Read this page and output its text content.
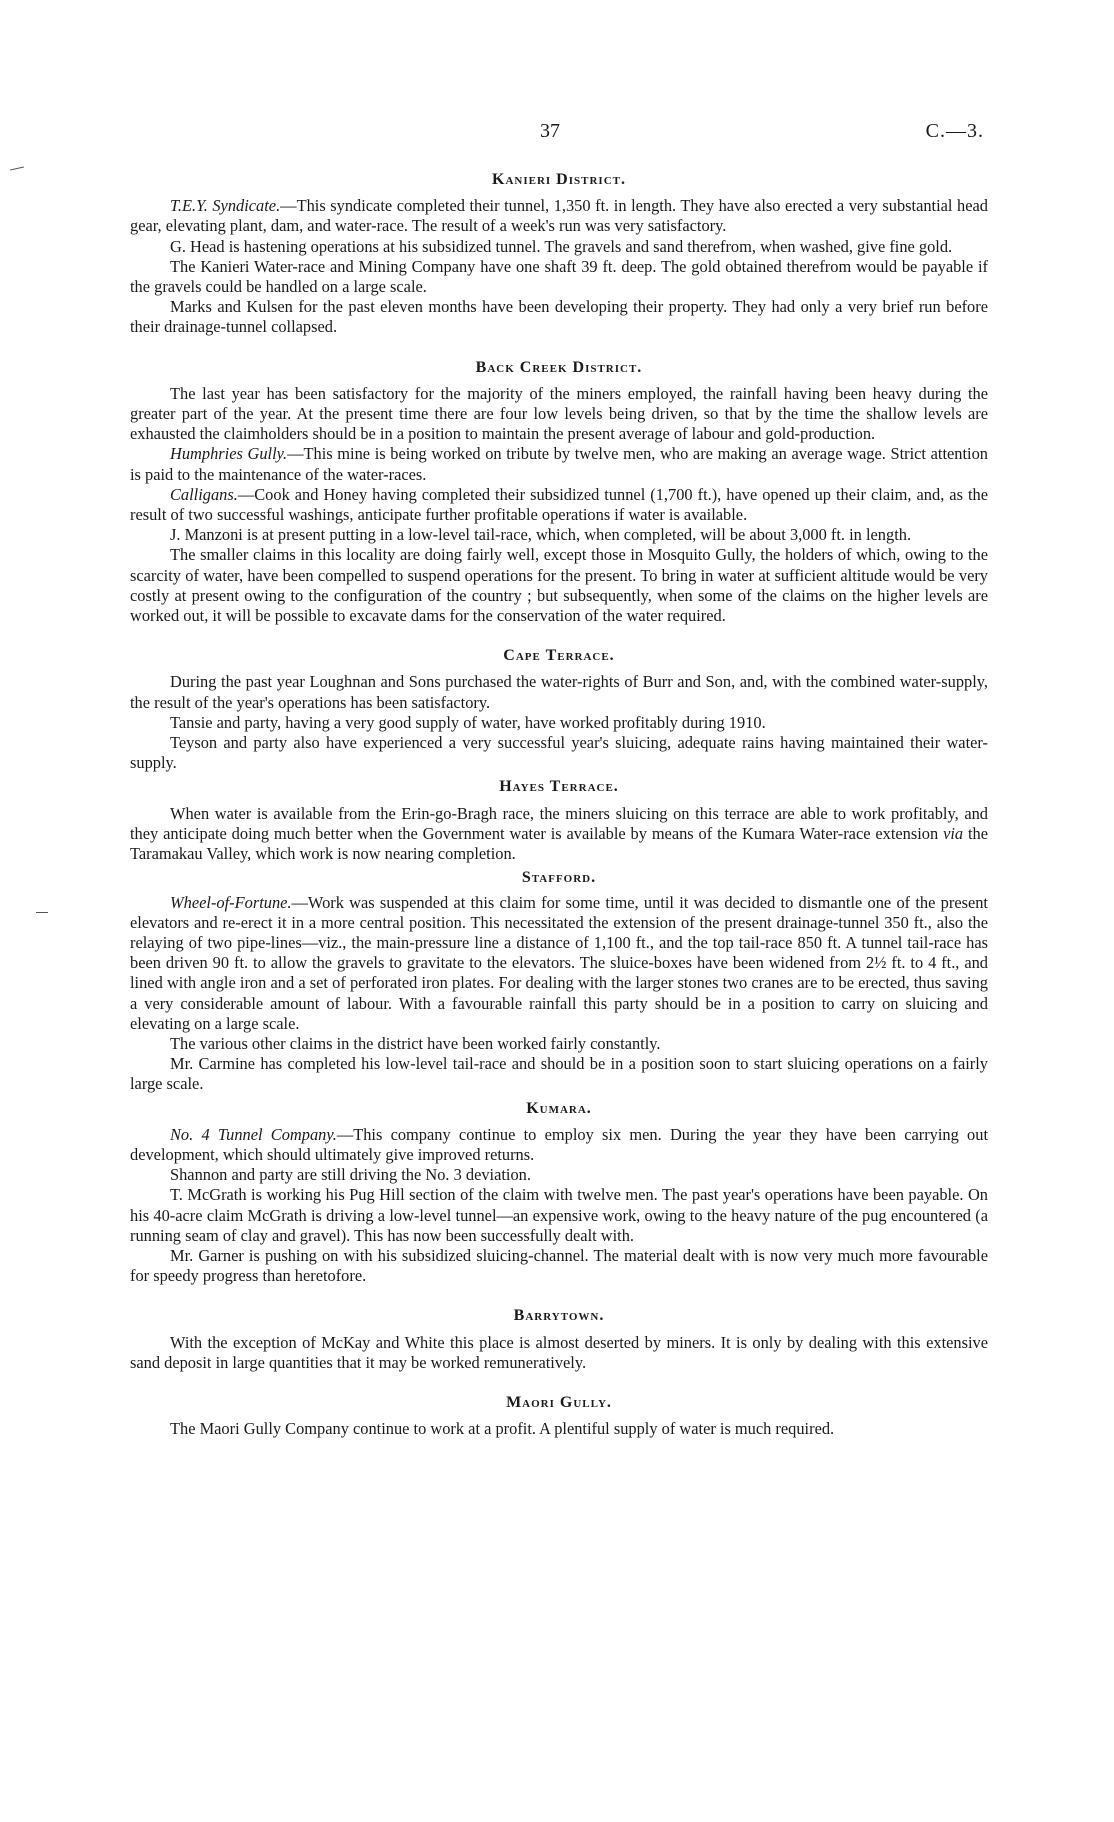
37	C.—3.
Kanieri District.

T.E.Y. Syndicate.—This syndicate completed their tunnel, 1,350 ft. in length. They have also erected a very substantial head gear, elevating plant, dam, and water-race. The result of a week's run was very satisfactory.

G. Head is hastening operations at his subsidized tunnel. The gravels and sand therefrom, when washed, give fine gold.

The Kanieri Water-race and Mining Company have one shaft 39 ft. deep. The gold obtained therefrom would be payable if the gravels could be handled on a large scale.

Marks and Kulsen for the past eleven months have been developing their property. They had only a very brief run before their drainage-tunnel collapsed.

Back Creek District.

The last year has been satisfactory for the majority of the miners employed, the rainfall having been heavy during the greater part of the year. At the present time there are four low levels being driven, so that by the time the shallow levels are exhausted the claimholders should be in a position to maintain the present average of labour and gold-production.

Humphries Gully.—This mine is being worked on tribute by twelve men, who are making an average wage. Strict attention is paid to the maintenance of the water-races.

Calligans.—Cook and Honey having completed their subsidized tunnel (1,700 ft.), have opened up their claim, and, as the result of two successful washings, anticipate further profitable operations if water is available.

J. Manzoni is at present putting in a low-level tail-race, which, when completed, will be about 3,000 ft. in length.

The smaller claims in this locality are doing fairly well, except those in Mosquito Gully, the holders of which, owing to the scarcity of water, have been compelled to suspend operations for the present. To bring in water at sufficient altitude would be very costly at present owing to the configuration of the country ; but subsequently, when some of the claims on the higher levels are worked out, it will be possible to excavate dams for the conservation of the water required.

Cape Terrace.

During the past year Loughnan and Sons purchased the water-rights of Burr and Son, and, with the combined water-supply, the result of the year's operations has been satisfactory.

Tansie and party, having a very good supply of water, have worked profitably during 1910.

Teyson and party also have experienced a very successful year's sluicing, adequate rains having maintained their water-supply.

Hayes Terrace.

When water is available from the Erin-go-Bragh race, the miners sluicing on this terrace are able to work profitably, and they anticipate doing much better when the Government water is available by means of the Kumara Water-race extension via the Taramakau Valley, which work is now nearing completion.

Stafford.

Wheel-of-Fortune.—Work was suspended at this claim for some time, until it was decided to dismantle one of the present elevators and re-erect it in a more central position. This necessitated the extension of the present drainage-tunnel 350 ft., also the relaying of two pipe-lines—viz., the main-pressure line a distance of 1,100 ft., and the top tail-race 850 ft. A tunnel tail-race has been driven 90 ft. to allow the gravels to gravitate to the elevators. The sluice-boxes have been widened from 2½ ft. to 4 ft., and lined with angle iron and a set of perforated iron plates. For dealing with the larger stones two cranes are to be erected, thus saving a very considerable amount of labour. With a favourable rainfall this party should be in a position to carry on sluicing and elevating on a large scale.

The various other claims in the district have been worked fairly constantly.

Mr. Carmine has completed his low-level tail-race and should be in a position soon to start sluicing operations on a fairly large scale.

Kumara.

No. 4 Tunnel Company.—This company continue to employ six men. During the year they have been carrying out development, which should ultimately give improved returns.

Shannon and party are still driving the No. 3 deviation.

T. McGrath is working his Pug Hill section of the claim with twelve men. The past year's operations have been payable. On his 40-acre claim McGrath is driving a low-level tunnel—an expensive work, owing to the heavy nature of the pug encountered (a running seam of clay and gravel). This has now been successfully dealt with.

Mr. Garner is pushing on with his subsidized sluicing-channel. The material dealt with is now very much more favourable for speedy progress than heretofore.

Barrytown.

With the exception of McKay and White this place is almost deserted by miners. It is only by dealing with this extensive sand deposit in large quantities that it may be worked remuneratively.

Maori Gully.

The Maori Gully Company continue to work at a profit. A plentiful supply of water is much required.
